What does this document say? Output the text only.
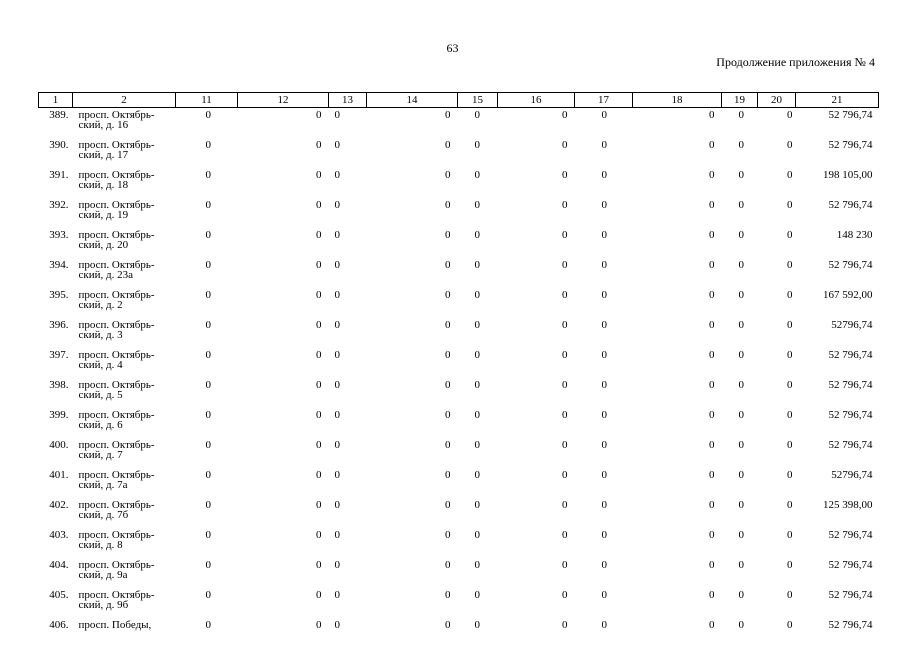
63
Продолжение приложения № 4
1	2	11	12	13	14	15	16	17	18	19	20	21
389.	просп. Октябрь-ский, д. 16	0	0	0	0	0	0	0	0	0	0	52 796,74
390.	просп. Октябрь-ский, д. 17	0	0	0	0	0	0	0	0	0	0	52 796,74
391.	просп. Октябрь-ский, д. 18	0	0	0	0	0	0	0	0	0	0	198 105,00
392.	просп. Октябрь-ский, д. 19	0	0	0	0	0	0	0	0	0	0	52 796,74
393.	просп. Октябрь-ский, д. 20	0	0	0	0	0	0	0	0	0	0	148 230
394.	просп. Октябрь-ский, д. 23а	0	0	0	0	0	0	0	0	0	0	52 796,74
395.	просп. Октябрь-ский, д. 2	0	0	0	0	0	0	0	0	0	0	167 592,00
396.	просп. Октябрь-ский, д. 3	0	0	0	0	0	0	0	0	0	0	52796,74
397.	просп. Октябрь-ский, д. 4	0	0	0	0	0	0	0	0	0	0	52 796,74
398.	просп. Октябрь-ский, д. 5	0	0	0	0	0	0	0	0	0	0	52 796,74
399.	просп. Октябрь-ский, д. 6	0	0	0	0	0	0	0	0	0	0	52 796,74
400.	просп. Октябрь-ский, д. 7	0	0	0	0	0	0	0	0	0	0	52 796,74
401.	просп. Октябрь-ский, д. 7а	0	0	0	0	0	0	0	0	0	0	52796,74
402.	просп. Октябрь-ский, д. 7б	0	0	0	0	0	0	0	0	0	0	125 398,00
403.	просп. Октябрь-ский, д. 8	0	0	0	0	0	0	0	0	0	0	52 796,74
404.	просп. Октябрь-ский, д. 9а	0	0	0	0	0	0	0	0	0	0	52 796,74
405.	просп. Октябрь-ский, д. 9б	0	0	0	0	0	0	0	0	0	0	52 796,74
406.	просп. Победы,	0	0	0	0	0	0	0	0	0	0	52 796,74
